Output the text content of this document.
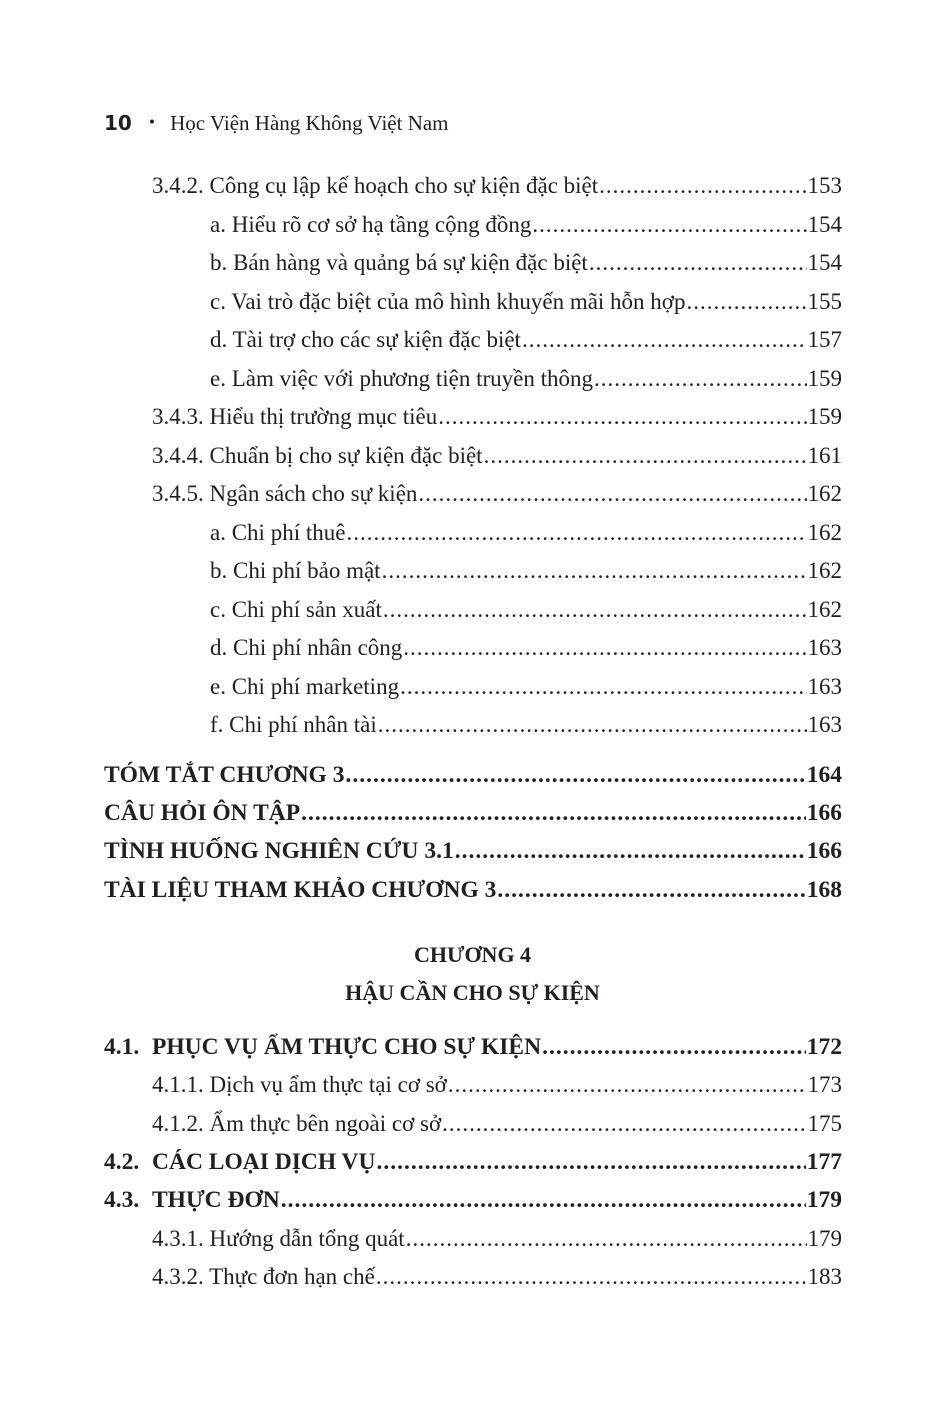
10 • Học Viện Hàng Không Việt Nam
3.4.2. Công cụ lập kế hoạch cho sự kiện đặc biệt .....	153
a. Hiểu rõ cơ sở hạ tầng cộng đồng .....	154
b. Bán hàng và quảng bá sự kiện đặc biệt .....	154
c. Vai trò đặc biệt của mô hình khuyến mãi hỗn hợp .....	155
d. Tài trợ cho các sự kiện đặc biệt .....	157
e. Làm việc với phương tiện truyền thông .....	159
3.4.3. Hiểu thị trường mục tiêu .....	159
3.4.4. Chuẩn bị cho sự kiện đặc biệt .....	161
3.4.5. Ngân sách cho sự kiện .....	162
a. Chi phí thuê .....	162
b. Chi phí bảo mật .....	162
c. Chi phí sản xuất .....	162
d. Chi phí nhân công .....	163
e. Chi phí marketing .....	163
f. Chi phí nhân tài .....	163
TÓM TẮT CHƯƠNG 3 .....	164
CÂU HỎI ÔN TẬP .....	166
TÌNH HUỐNG NGHIÊN CỨU 3.1 .....	166
TÀI LIỆU THAM KHẢO CHƯƠNG 3 .....	168
CHƯƠNG 4
HẬU CẦN CHO SỰ KIỆN
4.1. PHỤC VỤ ẨM THỰC CHO SỰ KIỆN .....	172
4.1.1. Dịch vụ ẩm thực tại cơ sở .....	173
4.1.2. Ẩm thực bên ngoài cơ sở .....	175
4.2. CÁC LOẠI DỊCH VỤ .....	177
4.3. THỰC ĐƠN .....	179
4.3.1. Hướng dẫn tổng quát .....	179
4.3.2. Thực đơn hạn chế .....	183
